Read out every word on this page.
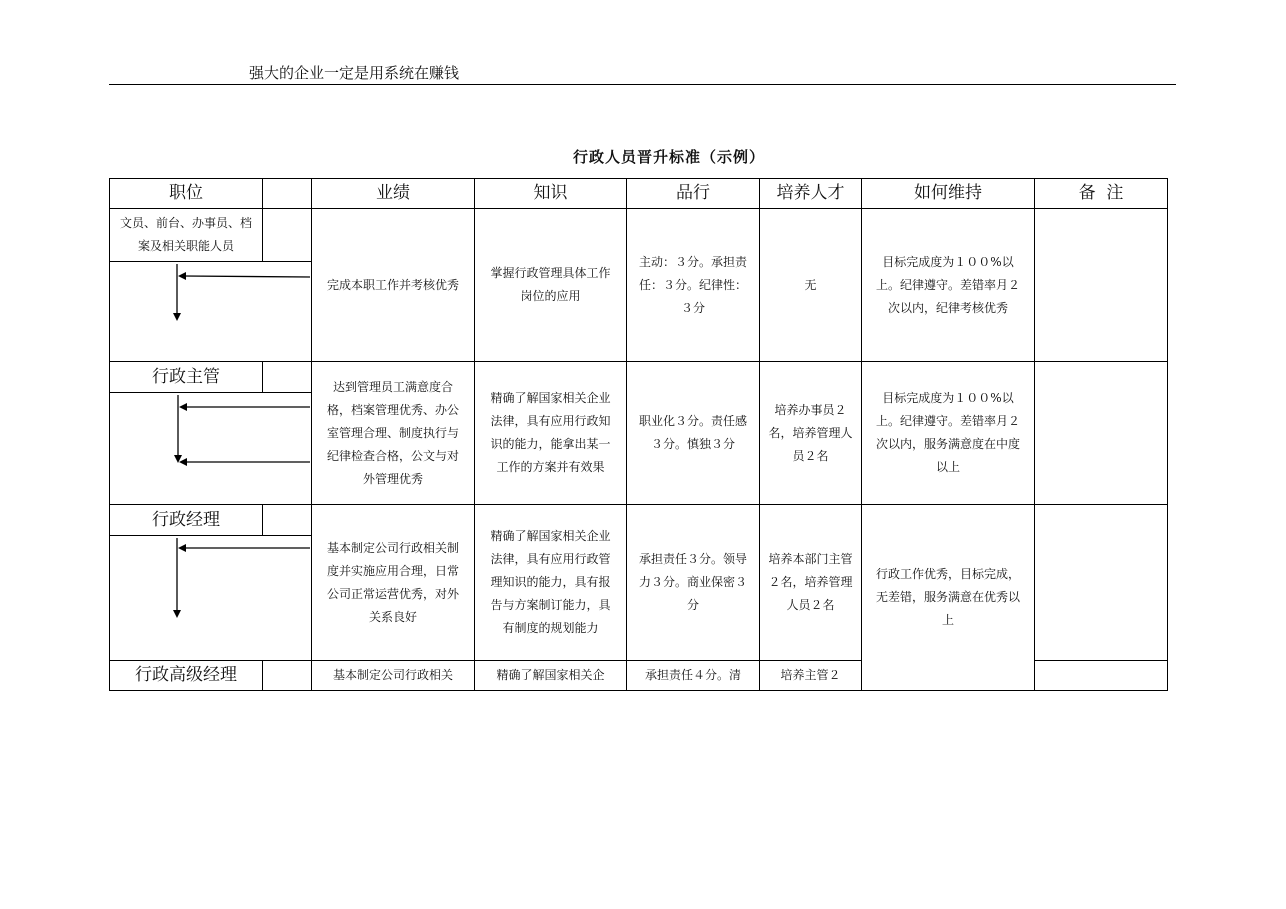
强大的企业一定是用系统在赚钱
行政人员晋升标准（示例）
职位		业绩	知识	品行	培养人才	如何维持	备  注
文员、前台、办事员、档案及相关职能人员		完成本职工作并考核优秀	掌握行政管理具体工作岗位的应用	主动：３分。承担责任：３分。纪律性：３分	无	目标完成度为１００%以上。纪律遵守。差错率月２次以内，纪律考核优秀	

行政主管		达到管理员工满意度合格，档案管理优秀、办公室管理合理、制度执行与纪律检查合格，公文与对外管理优秀	精确了解国家相关企业法律，具有应用行政知识的能力，能拿出某一工作的方案并有效果	职业化３分。责任感３分。慎独３分	培养办事员２名，培养管理人员２名	目标完成度为１００%以上。纪律遵守。差错率月２次以内，服务满意度在中度以上	

行政经理		基本制定公司行政相关制度并实施应用合理，日常公司正常运营优秀，对外关系良好	精确了解国家相关企业法律，具有应用行政管理知识的能力，具有报告与方案制订能力，具有制度的规划能力	承担责任３分。领导力３分。商业保密３分	培养本部门主管２名，培养管理人员２名	行政工作优秀，目标完成，无差错，服务满意在优秀以上	

行政高级经理		基本制定公司行政相关	精确了解国家相关企	承担责任４分。清	培养主管２		
